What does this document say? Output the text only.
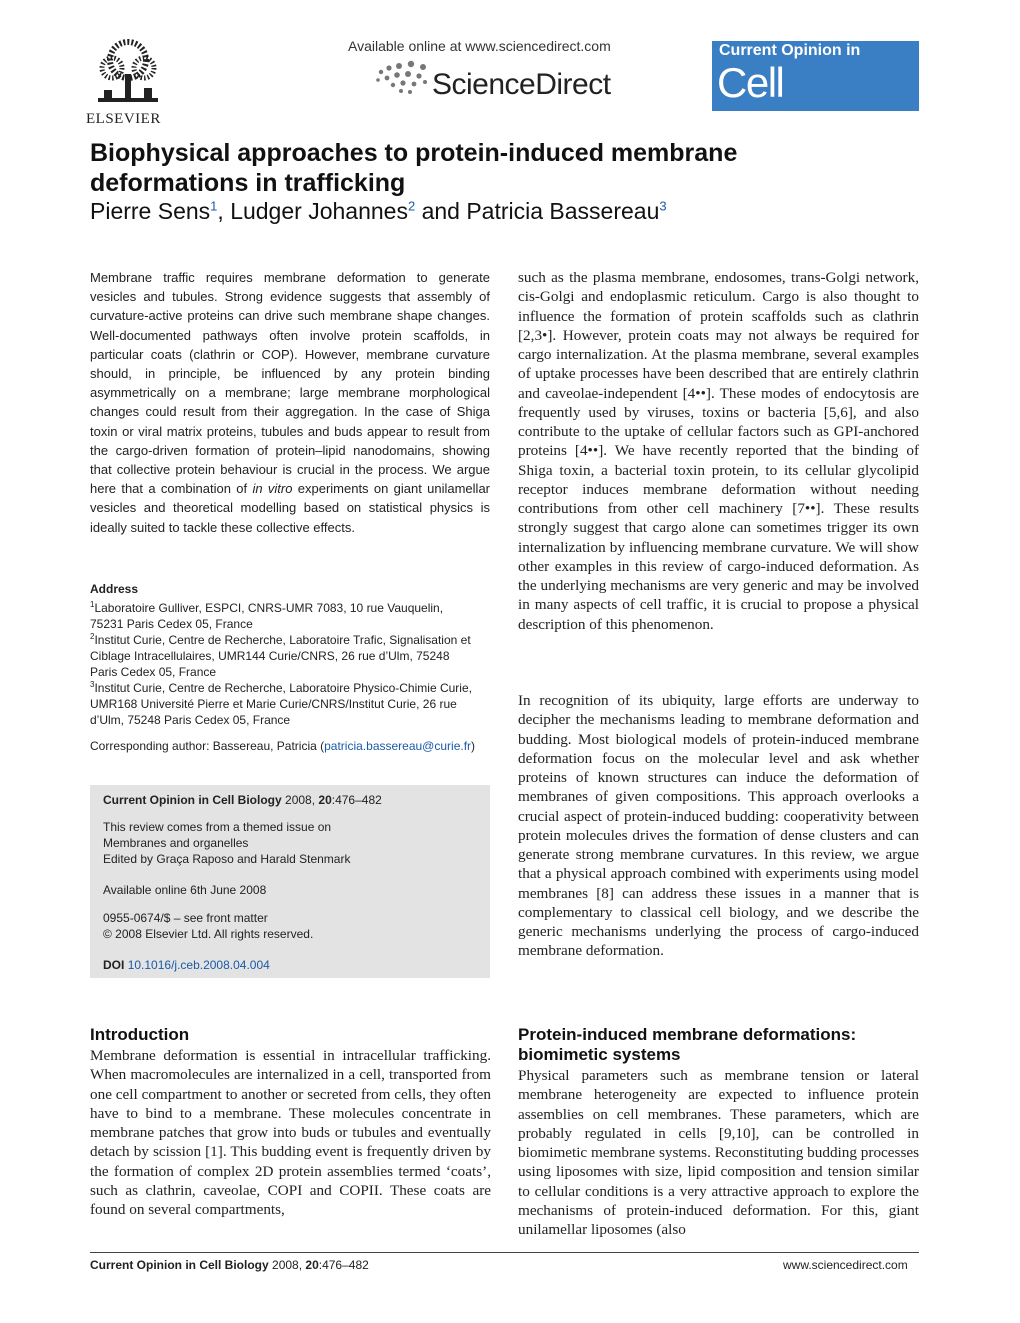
ELSEVIER
Available online at www.sciencedirect.com
ScienceDirect
Current Opinion in
Cell Biology
Biophysical approaches to protein-induced membrane deformations in trafficking
Pierre Sens$^1$, Ludger Johannes$^2$ and Patricia Bassereau$^3$
Membrane traffic requires membrane deformation to generate vesicles and tubules. Strong evidence suggests that assembly of curvature-active proteins can drive such membrane shape changes. Well-documented pathways often involve protein scaffolds, in particular coats (clathrin or COP). However, membrane curvature should, in principle, be influenced by any protein binding asymmetrically on a membrane; large membrane morphological changes could result from their aggregation. In the case of Shiga toxin or viral matrix proteins, tubules and buds appear to result from the cargo-driven formation of protein–lipid nanodomains, showing that collective protein behaviour is crucial in the process. We argue here that a combination of in vitro experiments on giant unilamellar vesicles and theoretical modelling based on statistical physics is ideally suited to tackle these collective effects.
Address
$^1$Laboratoire Gulliver, ESPCI, CNRS-UMR 7083, 10 rue Vauquelin,
75231 Paris Cedex 05, France
$^2$Institut Curie, Centre de Recherche, Laboratoire Trafic, Signalisation et
Ciblage Intracellulaires, UMR144 Curie/CNRS, 26 rue d’Ulm, 75248
Paris Cedex 05, France
$^3$Institut Curie, Centre de Recherche, Laboratoire Physico-Chimie Curie,
UMR168 Université Pierre et Marie Curie/CNRS/Institut Curie, 26 rue
d’Ulm, 75248 Paris Cedex 05, France
Corresponding author: Bassereau, Patricia (patricia.bassereau@curie.fr)
Current Opinion in Cell Biology 2008, 20:476–482
This review comes from a themed issue on
Membranes and organelles
Edited by Graça Raposo and Harald Stenmark
Available online 6th June 2008
0955-0674/$ – see front matter
© 2008 Elsevier Ltd. All rights reserved.
DOI 10.1016/j.ceb.2008.04.004
such as the plasma membrane, endosomes, trans-Golgi network, cis-Golgi and endoplasmic reticulum. Cargo is also thought to influence the formation of protein scaffolds such as clathrin [2,3•]. However, protein coats may not always be required for cargo internalization. At the plasma membrane, several examples of uptake processes have been described that are entirely clathrin and caveolae-independent [4••]. These modes of endocytosis are frequently used by viruses, toxins or bacteria [5,6], and also contribute to the uptake of cellular factors such as GPI-anchored proteins [4••]. We have recently reported that the binding of Shiga toxin, a bacterial toxin protein, to its cellular glycolipid receptor induces membrane deformation without needing contributions from other cell machinery [7••]. These results strongly suggest that cargo alone can sometimes trigger its own internalization by influencing membrane curvature. We will show other examples in this review of cargo-induced deformation. As the underlying mechanisms are very generic and may be involved in many aspects of cell traffic, it is crucial to propose a physical description of this phenomenon.
In recognition of its ubiquity, large efforts are underway to decipher the mechanisms leading to membrane deformation and budding. Most biological models of protein-induced membrane deformation focus on the molecular level and ask whether proteins of known structures can induce the deformation of membranes of given compositions. This approach overlooks a crucial aspect of protein-induced budding: cooperativity between protein molecules drives the formation of dense clusters and can generate strong membrane curvatures. In this review, we argue that a physical approach combined with experiments using model membranes [8] can address these issues in a manner that is complementary to classical cell biology, and we describe the generic mechanisms underlying the process of cargo-induced membrane deformation.
Introduction
Membrane deformation is essential in intracellular trafficking. When macromolecules are internalized in a cell, transported from one cell compartment to another or secreted from cells, they often have to bind to a membrane. These molecules concentrate in membrane patches that grow into buds or tubules and eventually detach by scission [1]. This budding event is frequently driven by the formation of complex 2D protein assemblies termed ‘coats’, such as clathrin, caveolae, COPI and COPII. These coats are found on several compartments,
Protein-induced membrane deformations:
biomimetic systems
Physical parameters such as membrane tension or lateral membrane heterogeneity are expected to influence protein assemblies on cell membranes. These parameters, which are probably regulated in cells [9,10], can be controlled in biomimetic membrane systems. Reconstituting budding processes using liposomes with size, lipid composition and tension similar to cellular conditions is a very attractive approach to explore the mechanisms of protein-induced deformation. For this, giant unilamellar liposomes (also
Current Opinion in Cell Biology 2008, 20:476–482	www.sciencedirect.com
